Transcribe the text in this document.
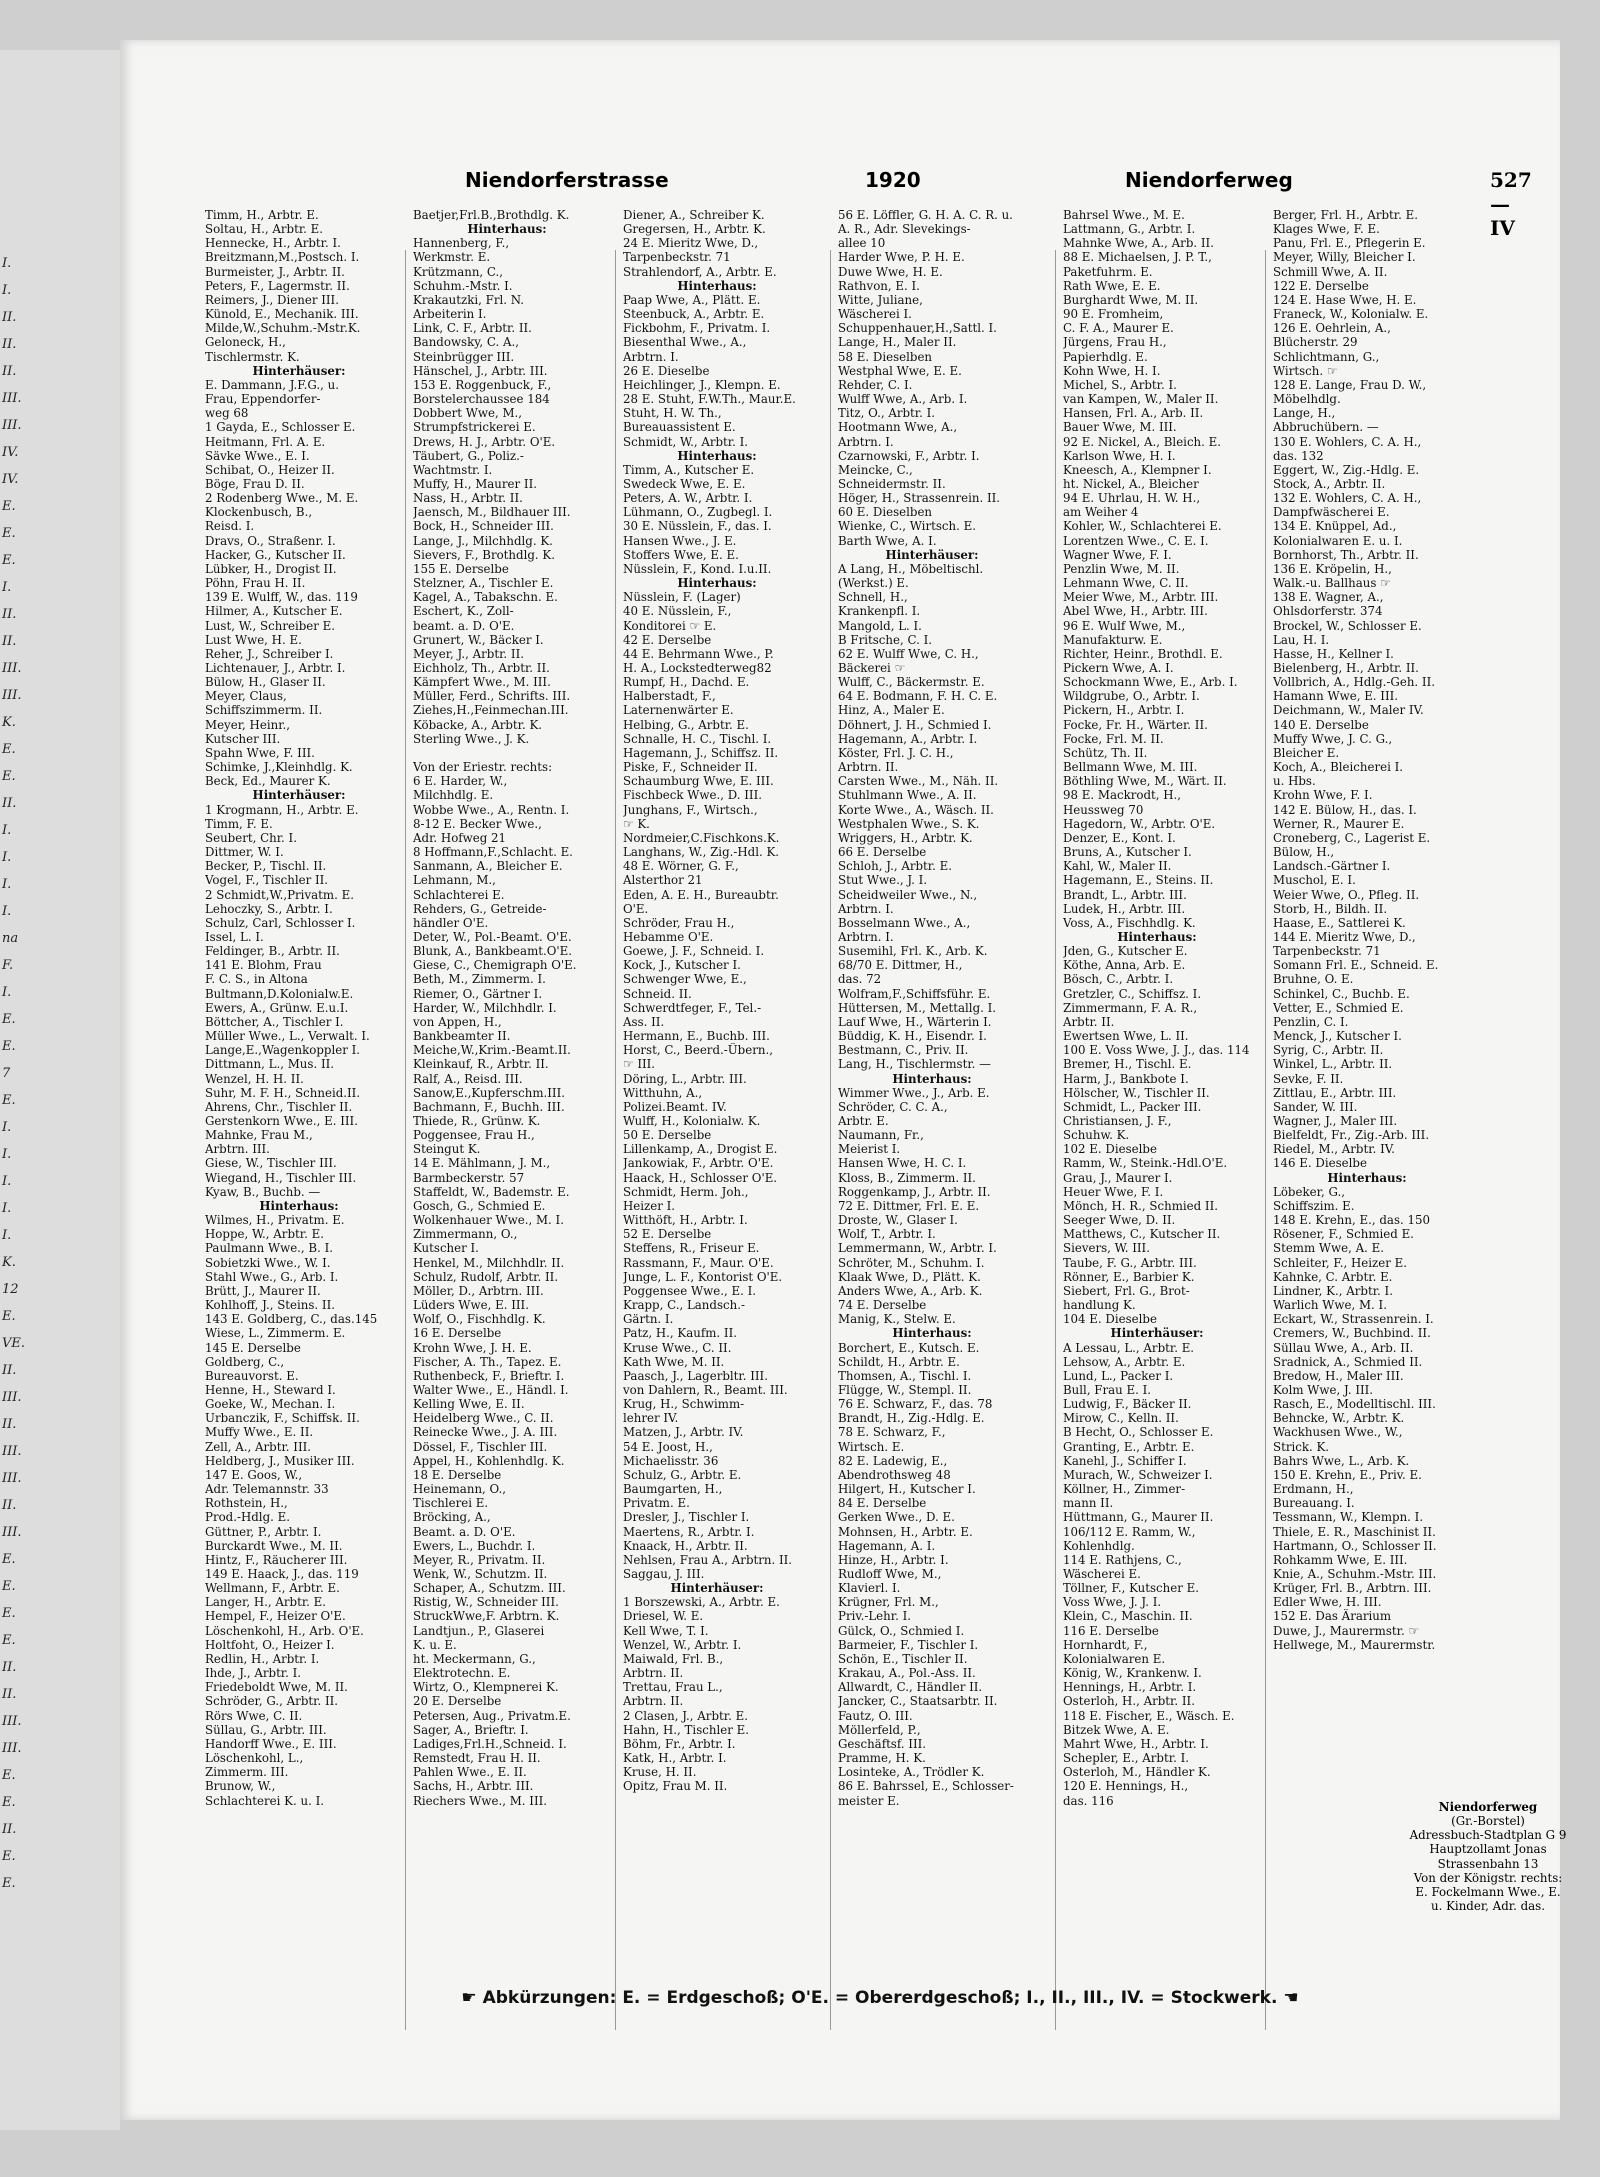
I.
I.
II.
II.
II.
III.
III.
IV.
IV.
E.
E.
E.
I.
II.
II.
III.
III.
K.
E.
E.
II.
I.
I.
I.
I.
na
F.
I.
E.
E.
7
E.
I.
I.
I.
I.
I.
K.
12
E.
VE.
II.
III.
II.
III.
III.
II.
III.
E.
E.
E.
E.
II.
II.
III.
III.
E.
E.
II.
E.
E.
Niendorferstrasse	1920	Niendorferweg	527—IV
Timm, H., Arbtr. E.
Soltau, H., Arbtr. E.
Hennecke, H., Arbtr. I.
Breitzmann,M.,Postsch. I.
Burmeister, J., Arbtr. II.
Peters, F., Lagermstr. II.
Reimers, J., Diener III.
Künold, E., Mechanik. III.
Milde,W.,Schuhm.-Mstr.K.
Geloneck, H.,
Tischlermstr. K.
Hinterhäuser:
E. Dammann, J.F.G., u.
Frau, Eppendorfer-
weg 68
1 Gayda, E., Schlosser E.
Heitmann, Frl. A. E.
Sävke Wwe., E. I.
Schibat, O., Heizer II.
Böge, Frau D. II.
2 Rodenberg Wwe., M. E.
Klockenbusch, B.,
Reisd. I.
Dravs, O., Straßenr. I.
Hacker, G., Kutscher II.
Lübker, H., Drogist II.
Pöhn, Frau H. II.
139 E. Wulff, W., das. 119
Hilmer, A., Kutscher E.
Lust, W., Schreiber E.
Lust Wwe, H. E.
Reher, J., Schreiber I.
Lichtenauer, J., Arbtr. I.
Bülow, H., Glaser II.
Meyer, Claus,
Schiffszimmerm. II.
Meyer, Heinr.,
Kutscher III.
Spahn Wwe, F. III.
Schimke, J.,Kleinhdlg. K.
Beck, Ed., Maurer K.
Hinterhäuser:
1 Krogmann, H., Arbtr. E.
Timm, F. E.
Seubert, Chr. I.
Dittmer, W. I.
Becker, P., Tischl. II.
Vogel, F., Tischler II.
2 Schmidt,W.,Privatm. E.
Lehoczky, S., Arbtr. I.
Schulz, Carl, Schlosser I.
Issel, L. I.
Feldinger, B., Arbtr. II.
141 E. Blohm, Frau
F. C. S., in Altona
Bultmann,D.Kolonialw.E.
Ewers, A., Grünw. E.u.I.
Böttcher, A., Tischler I.
Müller Wwe., L., Verwalt. I.
Lange,E.,Wagenkoppler I.
Dittmann, L., Mus. II.
Wenzel, H. H. II.
Suhr, M. F. H., Schneid.II.
Ahrens, Chr., Tischler II.
Gerstenkorn Wwe., E. III.
Mahnke, Frau M.,
Arbtrn. III.
Giese, W., Tischler III.
Wiegand, H., Tischler III.
Kyaw, B., Buchb. —
Hinterhaus:
Wilmes, H., Privatm. E.
Hoppe, W., Arbtr. E.
Paulmann Wwe., B. I.
Sobietzki Wwe., W. I.
Stahl Wwe., G., Arb. I.
Brütt, J., Maurer II.
Kohlhoff, J., Steins. II.
143 E. Goldberg, C., das.145
Wiese, L., Zimmerm. E.
145 E. Derselbe
Goldberg, C.,
Bureauvorst. E.
Henne, H., Steward I.
Goeke, W., Mechan. I.
Urbanczik, F., Schiffsk. II.
Muffy Wwe., E. II.
Zell, A., Arbtr. III.
Heldberg, J., Musiker III.
147 E. Goos, W.,
Adr. Telemannstr. 33
Rothstein, H.,
Prod.-Hdlg. E.
Güttner, P., Arbtr. I.
Burckardt Wwe., M. II.
Hintz, F., Räucherer III.
149 E. Haack, J., das. 119
Wellmann, F., Arbtr. E.
Langer, H., Arbtr. E.
Hempel, F., Heizer O'E.
Löschenkohl, H., Arb. O'E.
Holtfoht, O., Heizer I.
Redlin, H., Arbtr. I.
Ihde, J., Arbtr. I.
Friedeboldt Wwe, M. II.
Schröder, G., Arbtr. II.
Rörs Wwe, C. II.
Süllau, G., Arbtr. III.
Handorff Wwe., E. III.
Löschenkohl, L.,
Zimmerm. III.
Brunow, W.,
Schlachterei K. u. I.
Baetjer,Frl.B.,Brothdlg. K.
Hinterhaus:
Hannenberg, F.,
Werkmstr. E.
Krützmann, C.,
Schuhm.-Mstr. I.
Krakautzki, Frl. N.
Arbeiterin I.
Link, C. F., Arbtr. II.
Bandowsky, C. A.,
Steinbrügger III.
Hänschel, J., Arbtr. III.
153 E. Roggenbuck, F.,
Borstelerchaussee 184
Dobbert Wwe, M.,
Strumpfstrickerei E.
Drews, H. J., Arbtr. O'E.
Täubert, G., Poliz.-
Wachtmstr. I.
Muffy, H., Maurer II.
Nass, H., Arbtr. II.
Jaensch, M., Bildhauer III.
Bock, H., Schneider III.
Lange, J., Milchhdlg. K.
Sievers, F., Brothdlg. K.
155 E. Derselbe
Stelzner, A., Tischler E.
Kagel, A., Tabakschn. E.
Eschert, K., Zoll-
beamt. a. D. O'E.
Grunert, W., Bäcker I.
Meyer, J., Arbtr. II.
Eichholz, Th., Arbtr. II.
Kämpfert Wwe., M. III.
Müller, Ferd., Schrifts. III.
Ziehes,H.,Feinmechan.III.
Köbacke, A., Arbtr. K.
Sterling Wwe., J. K.

Von der Eriestr. rechts:
6 E. Harder, W.,
Milchhdlg. E.
Wobbe Wwe., A., Rentn. I.
8-12 E. Becker Wwe.,
Adr. Hofweg 21
8 Hoffmann,F.,Schlacht. E.
Sanmann, A., Bleicher E.
Lehmann, M.,
Schlachterei E.
Rehders, G., Getreide-
händler O'E.
Deter, W., Pol.-Beamt. O'E.
Blunk, A., Bankbeamt.O'E.
Giese, C., Chemigraph O'E.
Beth, M., Zimmerm. I.
Riemer, O., Gärtner I.
Harder, W., Milchhdlr. I.
von Appen, H.,
Bankbeamter II.
Meiche,W.,Krim.-Beamt.II.
Kleinkauf, R., Arbtr. II.
Ralf, A., Reisd. III.
Sanow,E.,Kupferschm.III.
Bachmann, F., Buchh. III.
Thiede, R., Grünw. K.
Poggensee, Frau H.,
Steingut K.
14 E. Mählmann, J. M.,
Barmbeckerstr. 57
Staffeldt, W., Bademstr. E.
Gosch, G., Schmied E.
Wolkenhauer Wwe., M. I.
Zimmermann, O.,
Kutscher I.
Henkel, M., Milchhdlr. II.
Schulz, Rudolf, Arbtr. II.
Möller, D., Arbtrn. III.
Lüders Wwe, E. III.
Wolf, O., Fischhdlg. K.
16 E. Derselbe
Krohn Wwe, J. H. E.
Fischer, A. Th., Tapez. E.
Ruthenbeck, F., Brieftr. I.
Walter Wwe., E., Händl. I.
Kelling Wwe, E. II.
Heidelberg Wwe., C. II.
Reinecke Wwe., J. A. III.
Dössel, F., Tischler III.
Appel, H., Kohlenhdlg. K.
18 E. Derselbe
Heinemann, O.,
Tischlerei E.
Bröcking, A.,
Beamt. a. D. O'E.
Ewers, L., Buchdr. I.
Meyer, R., Privatm. II.
Wenk, W., Schutzm. II.
Schaper, A., Schutzm. III.
Ristig, W., Schneider III.
StruckWwe,F. Arbtrn. K.
Landtjun., P., Glaserei
K. u. E.
ht. Meckermann, G.,
Elektrotechn. E.
Wirtz, O., Klempnerei K.
20 E. Derselbe
Petersen, Aug., Privatm.E.
Sager, A., Brieftr. I.
Ladiges,Frl.H.,Schneid. I.
Remstedt, Frau H. II.
Pahlen Wwe., E. II.
Sachs, H., Arbtr. III.
Riechers Wwe., M. III.
Diener, A., Schreiber K.
Gregersen, H., Arbtr. K.
24 E. Mieritz Wwe, D.,
Tarpenbeckstr. 71
Strahlendorf, A., Arbtr. E.
Hinterhaus:
Paap Wwe, A., Plätt. E.
Steenbuck, A., Arbtr. E.
Fickbohm, F., Privatm. I.
Biesenthal Wwe., A.,
Arbtrn. I.
26 E. Dieselbe
Heichlinger, J., Klempn. E.
28 E. Stuht, F.W.Th., Maur.E.
Stuht, H. W. Th.,
Bureauassistent E.
Schmidt, W., Arbtr. I.
Hinterhaus:
Timm, A., Kutscher E.
Swedeck Wwe, E. E.
Peters, A. W., Arbtr. I.
Lühmann, O., Zugbegl. I.
30 E. Nüsslein, F., das. I.
Hansen Wwe., J. E.
Stoffers Wwe, E. E.
Nüsslein, F., Kond. I.u.II.
Hinterhaus:
Nüsslein, F. (Lager)
40 E. Nüsslein, F.,
Konditorei ☞ E.
42 E. Derselbe
44 E. Behrmann Wwe., P.
H. A., Lockstedterweg82
Rumpf, H., Dachd. E.
Halberstadt, F.,
Laternenwärter E.
Helbing, G., Arbtr. E.
Schnalle, H. C., Tischl. I.
Hagemann, J., Schiffsz. II.
Piske, F., Schneider II.
Schaumburg Wwe, E. III.
Fischbeck Wwe., D. III.
Junghans, F., Wirtsch.,
☞ K.
Nordmeier,C.Fischkons.K.
Langhans, W., Zig.-Hdl. K.
48 E. Wörner, G. F.,
Alsterthor 21
Eden, A. E. H., Bureaubtr.
O'E.
Schröder, Frau H.,
Hebamme O'E.
Goewe, J. F., Schneid. I.
Kock, J., Kutscher I.
Schwenger Wwe, E.,
Schneid. II.
Schwerdtfeger, F., Tel.-
Ass. II.
Hermann, E., Buchb. III.
Horst, C., Beerd.-Übern.,
☞ III.
Döring, L., Arbtr. III.
Witthuhn, A.,
Polizei.Beamt. IV.
Wulff, H., Kolonialw. K.
50 E. Derselbe
Lillenkamp, A., Drogist E.
Jankowiak, F., Arbtr. O'E.
Haack, H., Schlosser O'E.
Schmidt, Herm. Joh.,
Heizer I.
Witthöft, H., Arbtr. I.
52 E. Derselbe
Steffens, R., Friseur E.
Rassmann, F., Maur. O'E.
Junge, L. F., Kontorist O'E.
Poggensee Wwe., E. I.
Krapp, C., Landsch.-
Gärtn. I.
Patz, H., Kaufm. II.
Kruse Wwe., C. II.
Kath Wwe, M. II.
Paasch, J., Lagerbltr. III.
von Dahlern, R., Beamt. III.
Krug, H., Schwimm-
lehrer IV.
Matzen, J., Arbtr. IV.
54 E. Joost, H.,
Michaelisstr. 36
Schulz, G., Arbtr. E.
Baumgarten, H.,
Privatm. E.
Dresler, J., Tischler I.
Maertens, R., Arbtr. I.
Knaack, H., Arbtr. II.
Nehlsen, Frau A., Arbtrn. II.
Saggau, J. III.
Hinterhäuser:
1 Borszewski, A., Arbtr. E.
Driesel, W. E.
Kell Wwe, T. I.
Wenzel, W., Arbtr. I.
Maiwald, Frl. B.,
Arbtrn. II.
Trettau, Frau L.,
Arbtrn. II.
2 Clasen, J., Arbtr. E.
Hahn, H., Tischler E.
Böhm, Fr., Arbtr. I.
Katk, H., Arbtr. I.
Kruse, H. II.
Opitz, Frau M. II.
56 E. Löffler, G. H. A. C. R. u.
A. R., Adr. Slevekings-
allee 10
Harder Wwe, P. H. E.
Duwe Wwe, H. E.
Rathvon, E. I.
Witte, Juliane,
Wäscherei I.
Schuppenhauer,H.,Sattl. I.
Lange, H., Maler II.
58 E. Dieselben
Westphal Wwe, E. E.
Rehder, C. I.
Wulff Wwe, A., Arb. I.
Titz, O., Arbtr. I.
Hootmann Wwe, A.,
Arbtrn. I.
Czarnowski, F., Arbtr. I.
Meincke, C.,
Schneidermstr. II.
Höger, H., Strassenrein. II.
60 E. Dieselben
Wienke, C., Wirtsch. E.
Barth Wwe, A. I.
Hinterhäuser:
A Lang, H., Möbeltischl.
(Werkst.) E.
Schnell, H.,
Krankenpfl. I.
Mangold, L. I.
B Fritsche, C. I.
62 E. Wulff Wwe, C. H.,
Bäckerei ☞
Wulff, C., Bäckermstr. E.
64 E. Bodmann, F. H. C. E.
Hinz, A., Maler E.
Döhnert, J. H., Schmied I.
Hagemann, A., Arbtr. I.
Köster, Frl. J. C. H.,
Arbtrn. II.
Carsten Wwe., M., Näh. II.
Stuhlmann Wwe., A. II.
Korte Wwe., A., Wäsch. II.
Westphalen Wwe., S. K.
Wriggers, H., Arbtr. K.
66 E. Derselbe
Schloh, J., Arbtr. E.
Stut Wwe., J. I.
Scheidweiler Wwe., N.,
Arbtrn. I.
Bosselmann Wwe., A.,
Arbtrn. I.
Susemihl, Frl. K., Arb. K.
68/70 E. Dittmer, H.,
das. 72
Wolfram,F.,Schiffsführ. E.
Hüttersen, M., Mettallg. I.
Lauf Wwe, H., Wärterin I.
Büddig, K. H., Eisendr. I.
Bestmann, C., Priv. II.
Lang, H., Tischlermstr. —
Hinterhaus:
Wimmer Wwe., J., Arb. E.
Schröder, C. C. A.,
Arbtr. E.
Naumann, Fr.,
Meierist I.
Hansen Wwe, H. C. I.
Kloss, B., Zimmerm. II.
Roggenkamp, J., Arbtr. II.
72 E. Dittmer, Frl. E. E.
Droste, W., Glaser I.
Wolf, T., Arbtr. I.
Lemmermann, W., Arbtr. I.
Schröter, M., Schuhm. I.
Klaak Wwe, D., Plätt. K.
Anders Wwe, A., Arb. K.
74 E. Derselbe
Manig, K., Stelw. E.
Hinterhaus:
Borchert, E., Kutsch. E.
Schildt, H., Arbtr. E.
Thomsen, A., Tischl. I.
Flügge, W., Stempl. II.
76 E. Schwarz, F., das. 78
Brandt, H., Zig.-Hdlg. E.
78 E. Schwarz, F.,
Wirtsch. E.
82 E. Ladewig, E.,
Abendrothsweg 48
Hilgert, H., Kutscher I.
84 E. Derselbe
Gerken Wwe., D. E.
Mohnsen, H., Arbtr. E.
Hagemann, A. I.
Hinze, H., Arbtr. I.
Rudloff Wwe, M.,
Klavierl. I.
Krügner, Frl. M.,
Priv.-Lehr. I.
Gülck, O., Schmied I.
Barmeier, F., Tischler I.
Schön, E., Tischler II.
Krakau, A., Pol.-Ass. II.
Allwardt, C., Händler II.
Jancker, C., Staatsarbtr. II.
Fautz, O. III.
Möllerfeld, P.,
Geschäftsf. III.
Pramme, H. K.
Losinteke, A., Trödler K.
86 E. Bahrssel, E., Schlosser-
meister E.
Bahrsel Wwe., M. E.
Lattmann, G., Arbtr. I.
Mahnke Wwe, A., Arb. II.
88 E. Michaelsen, J. P. T.,
Paketfuhrm. E.
Rath Wwe, E. E.
Burghardt Wwe, M. II.
90 E. Fromheim,
C. F. A., Maurer E.
Jürgens, Frau H.,
Papierhdlg. E.
Kohn Wwe, H. I.
Michel, S., Arbtr. I.
van Kampen, W., Maler II.
Hansen, Frl. A., Arb. II.
Bauer Wwe, M. III.
92 E. Nickel, A., Bleich. E.
Karlson Wwe, H. I.
Kneesch, A., Klempner I.
ht. Nickel, A., Bleicher
94 E. Uhrlau, H. W. H.,
am Weiher 4
Kohler, W., Schlachterei E.
Lorentzen Wwe., C. E. I.
Wagner Wwe, F. I.
Penzlin Wwe, M. II.
Lehmann Wwe, C. II.
Meier Wwe, M., Arbtr. III.
Abel Wwe, H., Arbtr. III.
96 E. Wulf Wwe, M.,
Manufakturw. E.
Richter, Heinr., Brothdl. E.
Pickern Wwe, A. I.
Schockmann Wwe, E., Arb. I.
Wildgrube, O., Arbtr. I.
Pickern, H., Arbtr. I.
Focke, Fr. H., Wärter. II.
Focke, Frl. M. II.
Schütz, Th. II.
Bellmann Wwe, M. III.
Böthling Wwe, M., Wärt. II.
98 E. Mackrodt, H.,
Heussweg 70
Hagedorn, W., Arbtr. O'E.
Denzer, E., Kont. I.
Bruns, A., Kutscher I.
Kahl, W., Maler II.
Hagemann, E., Steins. II.
Brandt, L., Arbtr. III.
Ludek, H., Arbtr. III.
Voss, A., Fischhdlg. K.
Hinterhaus:
Jden, G., Kutscher E.
Köthe, Anna, Arb. E.
Bösch, C., Arbtr. I.
Gretzler, C., Schiffsz. I.
Zimmermann, F. A. R.,
Arbtr. II.
Ewertsen Wwe, L. II.
100 E. Voss Wwe, J. J., das. 114
Bremer, H., Tischl. E.
Harm, J., Bankbote I.
Hölscher, W., Tischler II.
Schmidt, L., Packer III.
Christiansen, J. F.,
Schuhw. K.
102 E. Dieselbe
Ramm, W., Steink.-Hdl.O'E.
Grau, J., Maurer I.
Heuer Wwe, F. I.
Mönch, H. R., Schmied II.
Seeger Wwe, D. II.
Matthews, C., Kutscher II.
Sievers, W. III.
Taube, F. G., Arbtr. III.
Rönner, E., Barbier K.
Siebert, Frl. G., Brot-
handlung K.
104 E. Dieselbe
Hinterhäuser:
A Lessau, L., Arbtr. E.
Lehsow, A., Arbtr. E.
Lund, L., Packer I.
Bull, Frau E. I.
Ludwig, F., Bäcker II.
Mirow, C., Kelln. II.
B Hecht, O., Schlosser E.
Granting, E., Arbtr. E.
Kanehl, J., Schiffer I.
Murach, W., Schweizer I.
Köllner, H., Zimmer-
mann II.
Hüttmann, G., Maurer II.
106/112 E. Ramm, W.,
Kohlenhdlg.
114 E. Rathjens, C.,
Wäscherei E.
Töllner, F., Kutscher E.
Voss Wwe, J. J. I.
Klein, C., Maschin. II.
116 E. Derselbe
Hornhardt, F.,
Kolonialwaren E.
König, W., Krankenw. I.
Hennings, H., Arbtr. I.
Osterloh, H., Arbtr. II.
118 E. Fischer, E., Wäsch. E.
Bitzek Wwe, A. E.
Mahrt Wwe, H., Arbtr. I.
Schepler, E., Arbtr. I.
Osterloh, M., Händler K.
120 E. Hennings, H.,
das. 116
Berger, Frl. H., Arbtr. E.
Klages Wwe, F. E.
Panu, Frl. E., Pflegerin E.
Meyer, Willy, Bleicher I.
Schmill Wwe, A. II.
122 E. Derselbe
124 E. Hase Wwe, H. E.
Franeck, W., Kolonialw. E.
126 E. Oehrlein, A.,
Blücherstr. 29
Schlichtmann, G.,
Wirtsch. ☞
128 E. Lange, Frau D. W.,
Möbelhdlg.
Lange, H.,
Abbruchübern. —
130 E. Wohlers, C. A. H.,
das. 132
Eggert, W., Zig.-Hdlg. E.
Stock, A., Arbtr. II.
132 E. Wohlers, C. A. H.,
Dampfwäscherei E.
134 E. Knüppel, Ad.,
Kolonialwaren E. u. I.
Bornhorst, Th., Arbtr. II.
136 E. Kröpelin, H.,
Walk.-u. Ballhaus ☞
138 E. Wagner, A.,
Ohlsdorferstr. 374
Brockel, W., Schlosser E.
Lau, H. I.
Hasse, H., Kellner I.
Bielenberg, H., Arbtr. II.
Vollbrich, A., Hdlg.-Geh. II.
Hamann Wwe, E. III.
Deichmann, W., Maler IV.
140 E. Derselbe
Muffy Wwe, J. C. G.,
Bleicher E.
Koch, A., Bleicherei I.
u. Hbs.
Krohn Wwe, F. I.
142 E. Bülow, H., das. I.
Werner, R., Maurer E.
Croneberg, C., Lagerist E.
Bülow, H.,
Landsch.-Gärtner I.
Muschol, E. I.
Weier Wwe, O., Pfleg. II.
Storb, H., Bildh. II.
Haase, E., Sattlerei K.
144 E. Mieritz Wwe, D.,
Tarpenbeckstr. 71
Somann Frl. E., Schneid. E.
Bruhne, O. E.
Schinkel, C., Buchb. E.
Vetter, E., Schmied E.
Penzlin, C. I.
Menck, J., Kutscher I.
Syrig, C., Arbtr. II.
Winkel, L., Arbtr. II.
Sevke, F. II.
Zittlau, E., Arbtr. III.
Sander, W. III.
Wagner, J., Maler III.
Bielfeldt, Fr., Zig.-Arb. III.
Riedel, M., Arbtr. IV.
146 E. Dieselbe
Hinterhaus:
Löbeker, G.,
Schiffszim. E.
148 E. Krehn, E., das. 150
Rösener, F., Schmied E.
Stemm Wwe, A. E.
Schleiter, F., Heizer E.
Kahnke, C. Arbtr. E.
Lindner, K., Arbtr. I.
Warlich Wwe, M. I.
Eckart, W., Strassenrein. I.
Cremers, W., Buchbind. II.
Süllau Wwe, A., Arb. II.
Sradnick, A., Schmied II.
Bredow, H., Maler III.
Kolm Wwe, J. III.
Rasch, E., Modelltischl. III.
Behncke, W., Arbtr. K.
Wackhusen Wwe., W.,
Strick. K.
Bahrs Wwe, L., Arb. K.
150 E. Krehn, E., Priv. E.
Erdmann, H.,
Bureauang. I.
Tessmann, W., Klempn. I.
Thiele, E. R., Maschinist II.
Hartmann, O., Schlosser II.
Rohkamm Wwe, E. III.
Knie, A., Schuhm.-Mstr. III.
Krüger, Frl. B., Arbtrn. III.
Edler Wwe, H. III.
152 E. Das Ärarium
Duwe, J., Maurermstr. ☞
Hellwege, M., Maurermstr.
Niendorferweg
(Gr.-Borstel)
Adressbuch-Stadtplan G 9
Hauptzollamt Jonas
Strassenbahn 13
Von der Königstr. rechts:
E. Fockelmann Wwe., E.
u. Kinder, Adr. das.
☛ Abkürzungen: E. = Erdgeschoß; O'E. = Obererdgeschoß; I., II., III., IV. = Stockwerk. ☚
